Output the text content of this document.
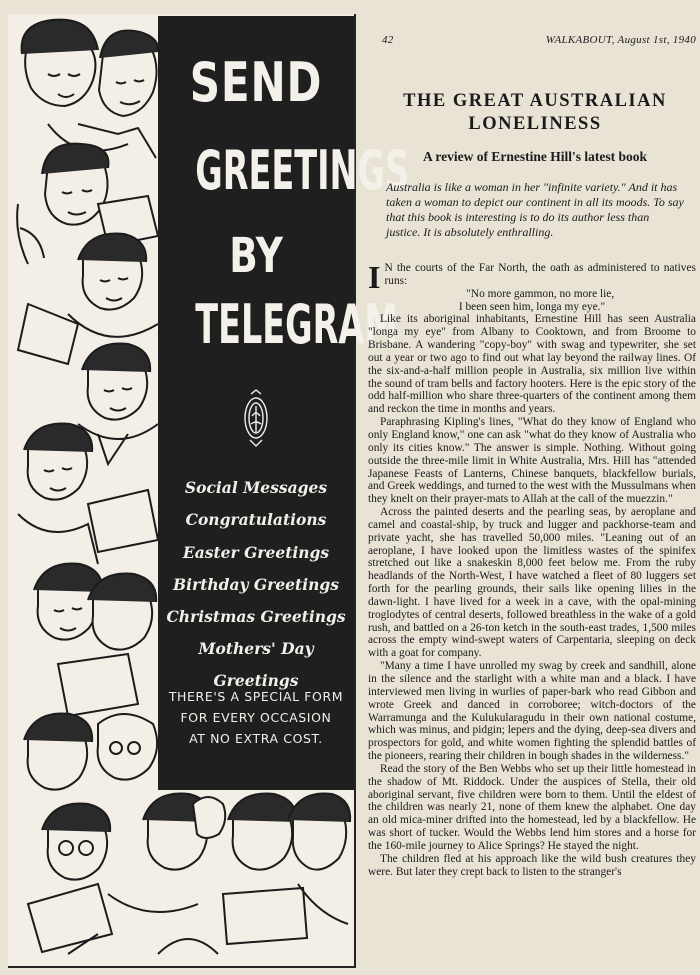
SEND
GREETINGS
BY
TELEGRAM
Social Messages
Congratulations
Easter Greetings
Birthday Greetings
Christmas Greetings
Mothers' Day Greetings
THERE'S A SPECIAL FORM
FOR EVERY OCCASION
AT NO EXTRA COST.
42	WALKABOUT, August 1st, 1940
THE GREAT AUSTRALIAN
LONELINESS
A review of Ernestine Hill's latest book
Australia is like a woman in her "infinite variety." And it has taken a woman to depict our continent in all its moods. To say that this book is interesting is to do its author less than justice. It is absolutely enthralling.

I N the courts of the Far North, the oath as administered to natives runs:

"No more gammon, no more lie,

I been seen him, longa my eye."

Like its aboriginal inhabitants, Ernestine Hill has seen Australia "longa my eye" from Albany to Cooktown, and from Broome to Brisbane. A wandering "copy-boy" with swag and typewriter, she set out a year or two ago to find out what lay beyond the railway lines. Of the six-and-a-half million people in Australia, six million live within the sound of tram bells and factory hooters. Here is the epic story of the odd half-million who share three-quarters of the continent among them and reckon the time in months and years.

Paraphrasing Kipling's lines, "What do they know of England who only England know," one can ask "what do they know of Australia who only its cities know." The answer is simple. Nothing. Without going outside the three-mile limit in White Australia, Mrs. Hill has "attended Japanese Feasts of Lanterns, Chinese banquets, blackfellow burials, and Greek weddings, and turned to the west with the Mussulmans when they knelt on their prayer-mats to Allah at the call of the muezzin."

Across the painted deserts and the pearling seas, by aeroplane and camel and coastal-ship, by truck and lugger and packhorse-team and private yacht, she has travelled 50,000 miles. "Leaning out of an aeroplane, I have looked upon the limitless wastes of the spinifex stretched out like a snakeskin 8,000 feet below me. From the ruby headlands of the North-West, I have watched a fleet of 80 luggers set forth for the pearling grounds, their sails like opening lilies in the dawn-light. I have lived for a week in a cave, with the opal-mining troglodytes of central deserts, followed breathless in the wake of a gold rush, and battled on a 26-ton ketch in the south-east trades, 1,500 miles across the empty wind-swept waters of Carpentaria, sleeping on deck with a goat for company.

"Many a time I have unrolled my swag by creek and sandhill, alone in the silence and the starlight with a white man and a black. I have interviewed men living in wurlies of paper-bark who read Gibbon and wrote Greek and danced in corroboree; witch-doctors of the Warramunga and the Kulukularagudu in their own national costume, which was minus, and pidgin; lepers and the dying, deep-sea divers and prospectors for gold, and white women fighting the splendid battles of the pioneers, rearing their children in bough shades in the wilderness."

Read the story of the Ben Webbs who set up their little homestead in the shadow of Mt. Riddock. Under the auspices of Stella, their old aboriginal servant, five children were born to them. Until the eldest of the children was nearly 21, none of them knew the alphabet. One day an old mica-miner drifted into the homestead, led by a blackfellow. He was short of tucker. Would the Webbs lend him stores and a horse for the 160-mile journey to Alice Springs? He stayed the night.

The children fled at his approach like the wild bush creatures they were. But later they crept back to listen to the stranger's
